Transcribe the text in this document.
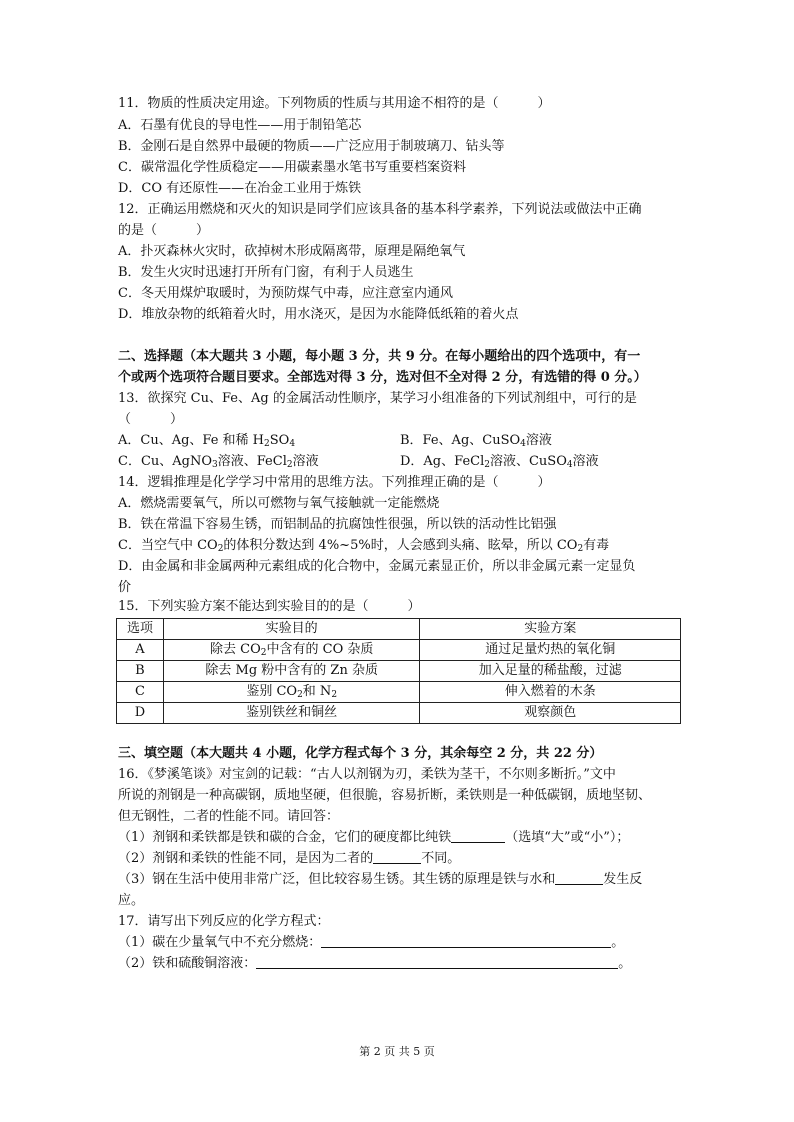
11．物质的性质决定用途。下列物质的性质与其用途不相符的是（　　　）
A．石墨有优良的导电性——用于制铅笔芯
B．金刚石是自然界中最硬的物质——广泛应用于制玻璃刀、钻头等
C．碳常温化学性质稳定——用碳素墨水笔书写重要档案资料
D．CO 有还原性——在冶金工业用于炼铁
12．正确运用燃烧和灭火的知识是同学们应该具备的基本科学素养，下列说法或做法中正确
的是（　　　）
A．扑灭森林火灾时，砍掉树木形成隔离带，原理是隔绝氧气
B．发生火灾时迅速打开所有门窗，有利于人员逃生
C．冬天用煤炉取暖时，为预防煤气中毒，应注意室内通风
D．堆放杂物的纸箱着火时，用水浇灭，是因为水能降低纸箱的着火点
二、选择题（本大题共 3 小题，每小题 3 分，共 9 分。在每小题给出的四个选项中，有一
个或两个选项符合题目要求。全部选对得 3 分，选对但不全对得 2 分，有选错的得 0 分。）
13．欲探究 Cu、Fe、Ag 的金属活动性顺序，某学习小组准备的下列试剂组中，可行的是
（　　　）
A．Cu、Ag、Fe 和稀 $H_2SO_4$	B．Fe、Ag、CuSO$_4$溶液
C．Cu、AgNO$_3$溶液、FeCl$_2$溶液	D．Ag、FeCl$_2$溶液、CuSO$_4$溶液
14．逻辑推理是化学学习中常用的思维方法。下列推理正确的是（　　　）
A．燃烧需要氧气，所以可燃物与氧气接触就一定能燃烧
B．铁在常温下容易生锈，而铝制品的抗腐蚀性很强，所以铁的活动性比铝强
C．当空气中 $CO_2$的体积分数达到 4%~5%时，人会感到头痛、眩晕，所以 $CO_2$有毒
D．由金属和非金属两种元素组成的化合物中，金属元素显正价，所以非金属元素一定显负
价
15．下列实验方案不能达到实验目的的是（　　　）
选项	实验目的	实验方案
A	除去 $CO_2$中含有的 CO 杂质	通过足量灼热的氧化铜
B	除去 Mg 粉中含有的 Zn 杂质	加入足量的稀盐酸，过滤
C	鉴别 $CO_2$和 $N_2$	伸入燃着的木条
D	鉴别铁丝和铜丝	观察颜色
三、填空题（本大题共 4 小题，化学方程式每个 3 分，其余每空 2 分，共 22 分）
16．《梦溪笔谈》对宝剑的记载：“古人以剂钢为刃，柔铁为茎干，不尔则多断折。”文中
所说的剂钢是一种高碳钢，质地坚硬，但很脆，容易折断，柔铁则是一种低碳钢，质地坚韧、
但无钢性，二者的性能不同。请回答：
（1）剂钢和柔铁都是铁和碳的合金，它们的硬度都比纯铁	（选填“大”或“小”）；
（2）剂钢和柔铁的性能不同，是因为二者的	不同。
（3）钢在生活中使用非常广泛，但比较容易生锈。其生锈的原理是铁与水和	发生反
应。
17．请写出下列反应的化学方程式：
（1）碳在少量氧气中不充分燃烧：	。
（2）铁和硫酸铜溶液：	。
第 2 页 共 5 页
